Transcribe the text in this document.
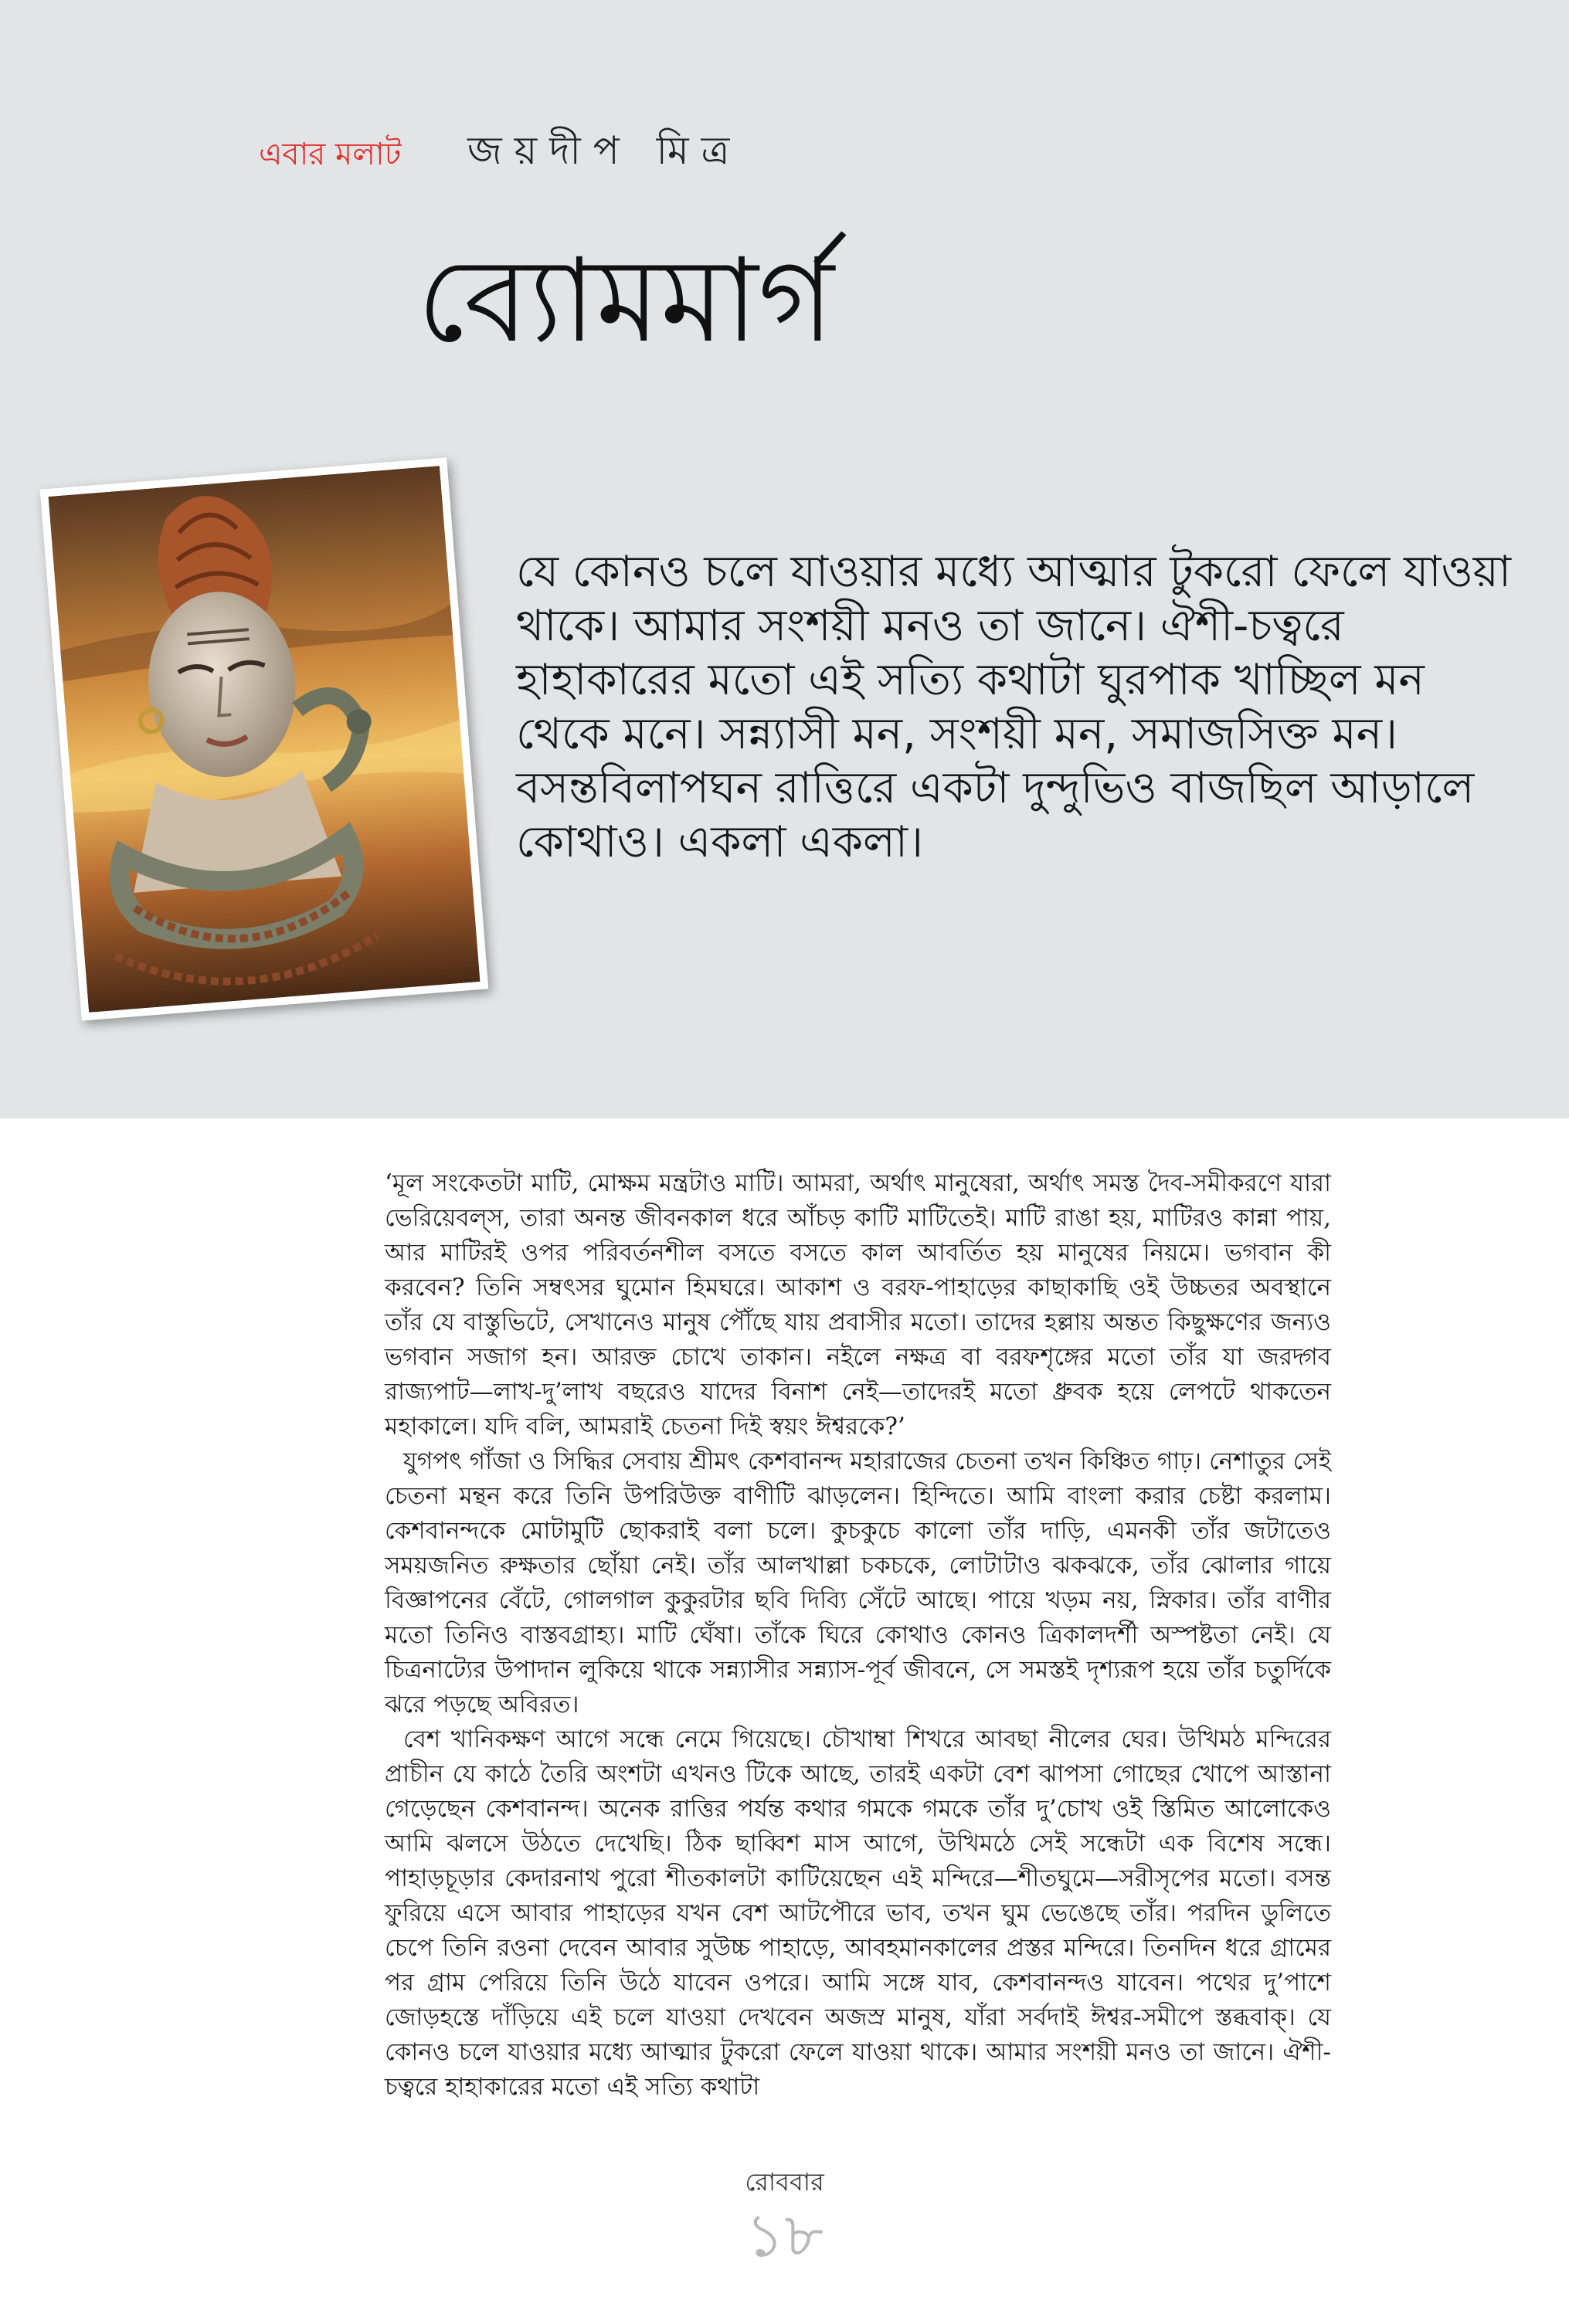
এবার মলাট জয়দীপ মিত্র
ব্যোমমার্গ

যে কোনও চলে যাওয়ার মধ্যে আত্মার টুকরো ফেলে যাওয়া থাকে। আমার সংশয়ী মনও তা জানে। ঐশী-চত্বরে হাহাকারের মতো এই সত্যি কথাটা ঘুরপাক খাচ্ছিল মন থেকে মনে। সন্ন্যাসী মন, সংশয়ী মন, সমাজসিক্ত মন। বসন্তবিলাপঘন রাত্তিরে একটা দুন্দুভিও বাজছিল আড়ালে কোথাও। একলা একলা।

‘মূল সংকেতটা মাটি, মোক্ষম মন্ত্রটাও মাটি। আমরা, অর্থাৎ মানুষেরা, অর্থাৎ সমস্ত দৈব-সমীকরণে যারা ভেরিয়েবল্‌স, তারা অনন্ত জীবনকাল ধরে আঁচড় কাটি মাটিতেই। মাটি রাঙা হয়, মাটিরও কান্না পায়, আর মাটিরই ওপর পরিবর্তনশীল বসতে বসতে কাল আবর্তিত হয় মানুষের নিয়মে। ভগবান কী করবেন? তিনি সম্বৎসর ঘুমোন হিমঘরে। আকাশ ও বরফ-পাহাড়ের কাছাকাছি ওই উচ্চতর অবস্থানে তাঁর যে বাস্তুভিটে, সেখানেও মানুষ পৌঁছে যায় প্রবাসীর মতো। তাদের হল্লায় অন্তত কিছুক্ষণের জন্যও ভগবান সজাগ হন। আরক্ত চোখে তাকান। নইলে নক্ষত্র বা বরফশৃঙ্গের মতো তাঁর যা জরদ্গব রাজ্যপাট—লাখ-দু’লাখ বছরেও যাদের বিনাশ নেই—তাদেরই মতো ধ্রুবক হয়ে লেপটে থাকতেন মহাকালে। যদি বলি, আমরাই চেতনা দিই স্বয়ং ঈশ্বরকে?’

যুগপৎ গাঁজা ও সিদ্ধির সেবায় শ্রীমৎ কেশবানন্দ মহারাজের চেতনা তখন কিঞ্চিত গাঢ়। নেশাতুর সেই চেতনা মন্থন করে তিনি উপরিউক্ত বাণীটি ঝাড়লেন। হিন্দিতে। আমি বাংলা করার চেষ্টা করলাম। কেশবানন্দকে মোটামুটি ছোকরাই বলা চলে। কুচকুচে কালো তাঁর দাড়ি, এমনকী তাঁর জটাতেও সময়জনিত রুক্ষতার ছোঁয়া নেই। তাঁর আলখাল্লা চকচকে, লোটাটাও ঝকঝকে, তাঁর ঝোলার গায়ে বিজ্ঞাপনের বেঁটে, গোলগাল কুকুরটার ছবি দিব্যি সেঁটে আছে। পায়ে খড়ম নয়, স্নিকার। তাঁর বাণীর মতো তিনিও বাস্তবগ্রাহ্য। মাটি ঘেঁষা। তাঁকে ঘিরে কোথাও কোনও ত্রিকালদর্শী অস্পষ্টতা নেই। যে চিত্রনাট্যের উপাদান লুকিয়ে থাকে সন্ন্যাসীর সন্ন্যাস-পূর্ব জীবনে, সে সমস্তই দৃশ্যরূপ হয়ে তাঁর চতুর্দিকে ঝরে পড়ছে অবিরত।

বেশ খানিকক্ষণ আগে সন্ধে নেমে গিয়েছে। চৌখাম্বা শিখরে আবছা নীলের ঘের। উখিমঠ মন্দিরের প্রাচীন যে কাঠে তৈরি অংশটা এখনও টিকে আছে, তারই একটা বেশ ঝাপসা গোছের খোপে আস্তানা গেড়েছেন কেশবানন্দ। অনেক রাত্তির পর্যন্ত কথার গমকে গমকে তাঁর দু’চোখ ওই স্তিমিত আলোকেও আমি ঝলসে উঠতে দেখেছি। ঠিক ছাব্বিশ মাস আগে, উখিমঠে সেই সন্ধেটা এক বিশেষ সন্ধে। পাহাড়চূড়ার কেদারনাথ পুরো শীতকালটা কাটিয়েছেন এই মন্দিরে—শীতঘুমে—সরীসৃপের মতো। বসন্ত ফুরিয়ে এসে আবার পাহাড়ের যখন বেশ আটপৌরে ভাব, তখন ঘুম ভেঙেছে তাঁর। পরদিন ডুলিতে চেপে তিনি রওনা দেবেন আবার সুউচ্চ পাহাড়ে, আবহমানকালের প্রস্তর মন্দিরে। তিনদিন ধরে গ্রামের পর গ্রাম পেরিয়ে তিনি উঠে যাবেন ওপরে। আমি সঙ্গে যাব, কেশবানন্দও যাবেন। পথের দু’পাশে জোড়হস্তে দাঁড়িয়ে এই চলে যাওয়া দেখবেন অজস্র মানুষ, যাঁরা সর্বদাই ঈশ্বর-সমীপে স্তব্ধবাক্‌। যে কোনও চলে যাওয়ার মধ্যে আত্মার টুকরো ফেলে যাওয়া থাকে। আমার সংশয়ী মনও তা জানে। ঐশী-চত্বরে হাহাকারের মতো এই সত্যি কথাটা

রোববার
১৮
